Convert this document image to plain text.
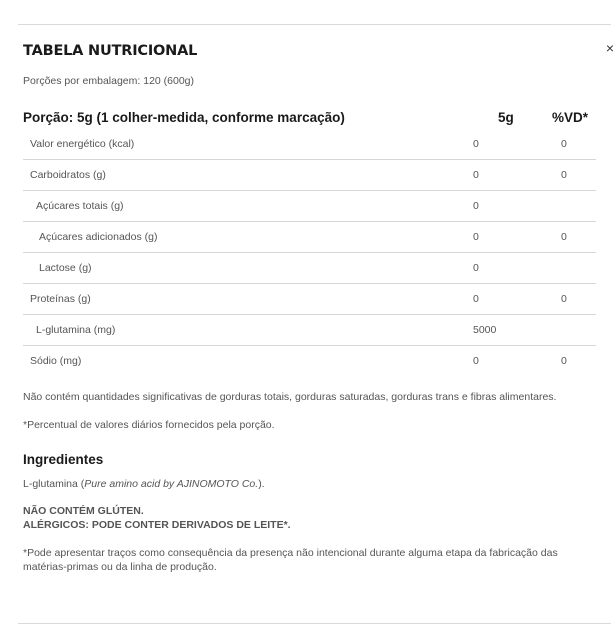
×
TABELA NUTRICIONAL
Porções por embalagem: 120 (600g)
Porção: 5g (1 colher-medida, conforme marcação)	5g	%VD*
Valor energético (kcal)	0	0
Carboidratos (g)	0	0
Açúcares totais (g)	0	
Açúcares adicionados (g)	0	0
Lactose (g)	0	
Proteínas (g)	0	0
L-glutamina (mg)	5000	
Sódio (mg)	0	0

Não contém quantidades significativas de gorduras totais, gorduras saturadas, gorduras trans e fibras alimentares.

*Percentual de valores diários fornecidos pela porção.

Ingredientes
L-glutamina (Pure amino acid by AJINOMOTO Co.).
NÃO CONTÉM GLÚTEN.
ALÉRGICOS: PODE CONTER DERIVADOS DE LEITE*.
*Pode apresentar traços como consequência da presença não intencional durante alguma etapa da fabricação das matérias-primas ou da linha de produção.
